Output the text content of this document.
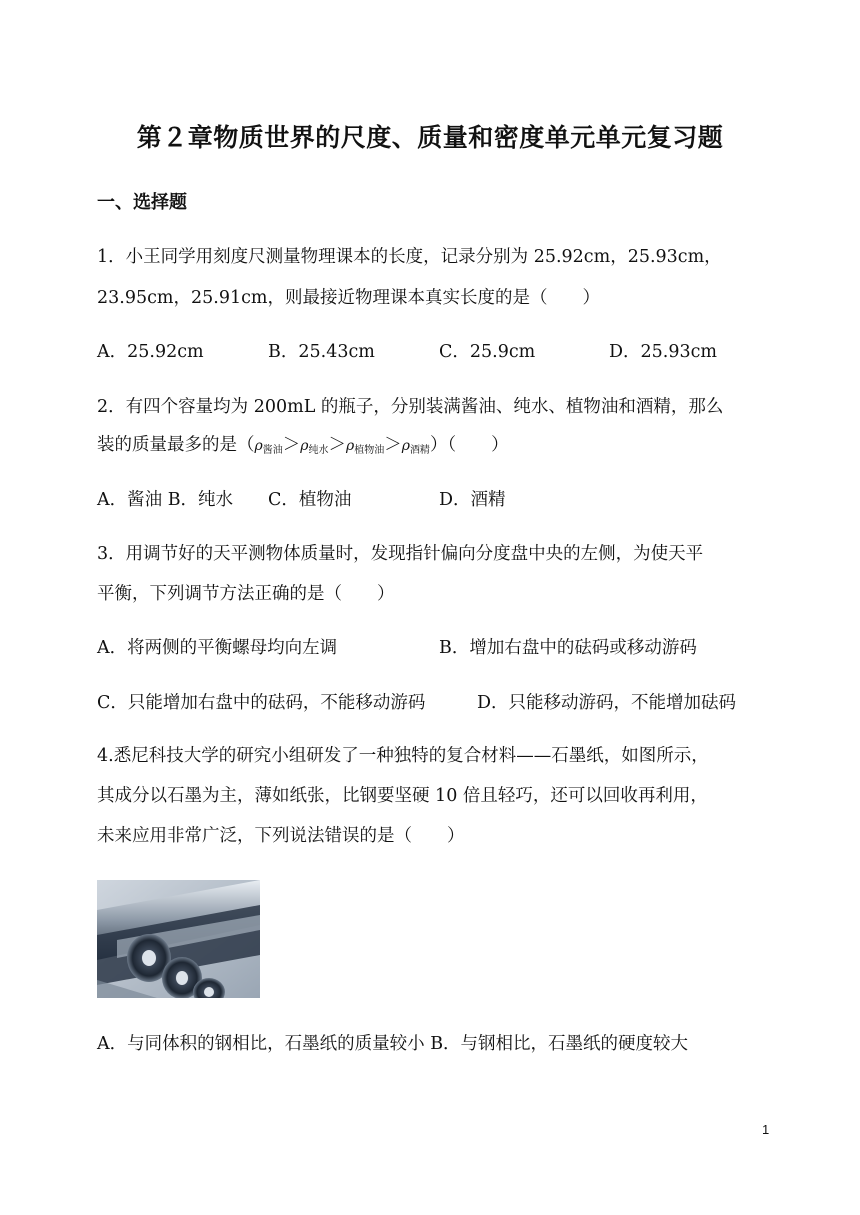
第２章物质世界的尺度、质量和密度单元单元复习题
一、选择题
1．小王同学用刻度尺测量物理课本的长度，记录分别为 25.92cm，25.93cm，
23.95cm，25.91cm，则最接近物理课本真实长度的是（　　）
A．25.92cm	B．25.43cm	C．25.9cm	D．25.93cm
2．有四个容量均为 200mL 的瓶子，分别装满酱油、纯水、植物油和酒精，那么
装的质量最多的是$(\rho_{酱油}>\rho_{纯水}>\rho_{植物油}>\rho_{酒精})$（　　）
A．酱油 B．纯水 C．植物油	D．酒精
3．用调节好的天平测物体质量时，发现指针偏向分度盘中央的左侧，为使天平
平衡，下列调节方法正确的是（　　）
A．将两侧的平衡螺母均向左调	B．增加右盘中的砝码或移动游码
C．只能增加右盘中的砝码，不能移动游码	D．只能移动游码，不能增加砝码
4.悉尼科技大学的研究小组研发了一种独特的复合材料——石墨纸，如图所示，
其成分以石墨为主，薄如纸张，比钢要坚硬 10 倍且轻巧，还可以回收再利用，
未来应用非常广泛，下列说法错误的是（　　）
A．与同体积的钢相比，石墨纸的质量较小 B．与钢相比，石墨纸的硬度较大
1
